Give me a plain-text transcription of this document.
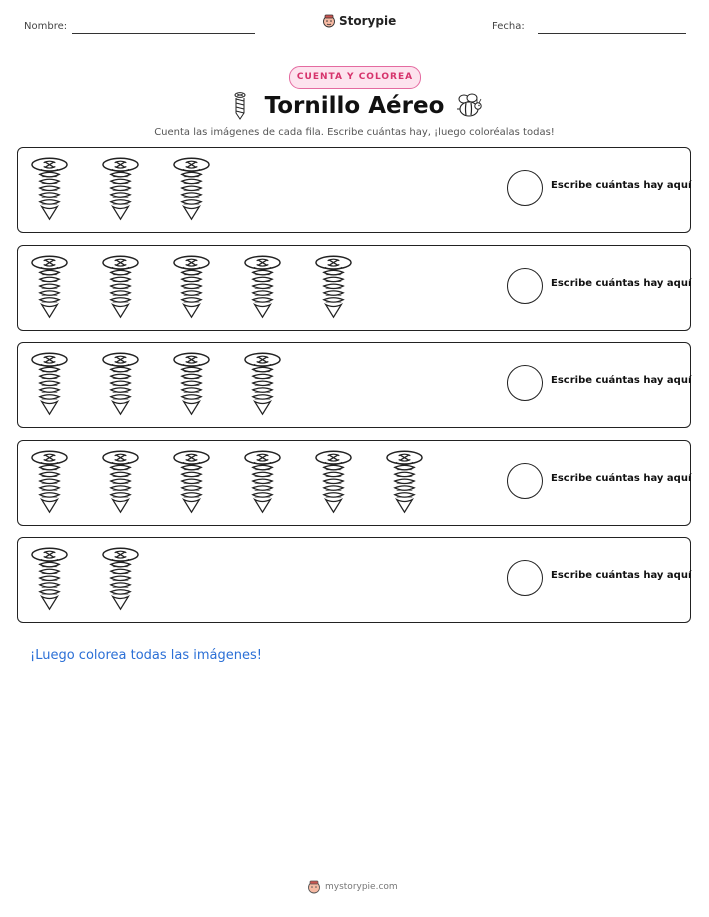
Nombre:	Storypie	Fecha:
CUENTA Y COLOREA
Tornillo Aéreo
Cuenta las imágenes de cada fila. Escribe cuántas hay, ¡luego coloréalas todas!
Escribe cuántas hay aquí
Escribe cuántas hay aquí
Escribe cuántas hay aquí
Escribe cuántas hay aquí
Escribe cuántas hay aquí
¡Luego colorea todas las imágenes!
mystorypie.com
